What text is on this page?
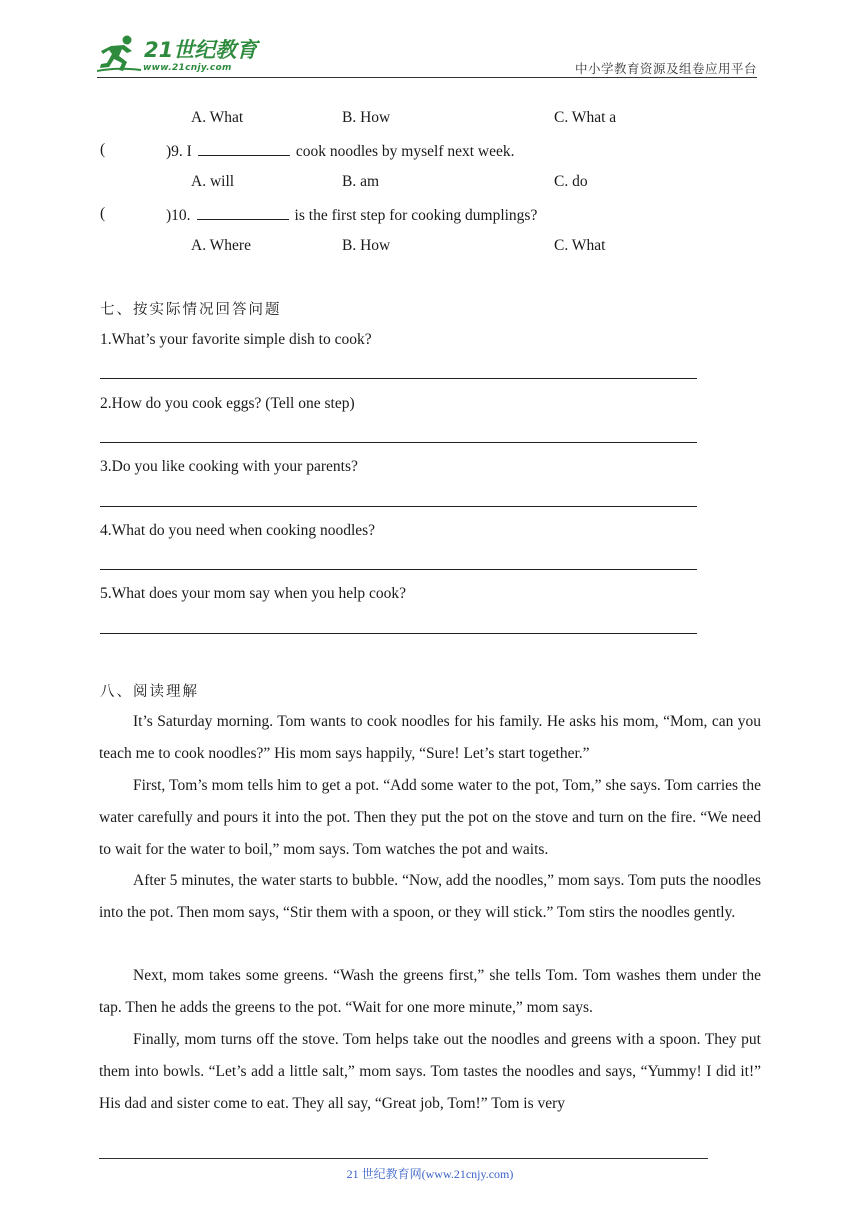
21世纪教育
www.21cnjy.com	中小学教育资源及组卷应用平台
A. What	B. How	C. What a
(	)9. I	cook noodles by myself next week.
A. will	B. am	C. do
(	)10.	is the first step for cooking dumplings?
A. Where	B. How	C. What
七、按实际情况回答问题
1.What’s your favorite simple dish to cook?
2.How do you cook eggs? (Tell one step)
3.Do you like cooking with your parents?
4.What do you need when cooking noodles?
5.What does your mom say when you help cook?
八、阅读理解
It’s Saturday morning. Tom wants to cook noodles for his family. He asks his mom, “Mom, can you teach me to cook noodles?” His mom says happily, “Sure! Let’s start together.”
First, Tom’s mom tells him to get a pot. “Add some water to the pot, Tom,” she says. Tom carries the water carefully and pours it into the pot. Then they put the pot on the stove and turn on the fire. “We need to wait for the water to boil,” mom says. Tom watches the pot and waits.
After 5 minutes, the water starts to bubble. “Now, add the noodles,” mom says. Tom puts the noodles into the pot. Then mom says, “Stir them with a spoon, or they will stick.” Tom stirs the noodles gently.
Next, mom takes some greens. “Wash the greens first,” she tells Tom. Tom washes them under the tap. Then he adds the greens to the pot. “Wait for one more minute,” mom says.
Finally, mom turns off the stove. Tom helps take out the noodles and greens with a spoon. They put them into bowls. “Let’s add a little salt,” mom says. Tom tastes the noodles and says, “Yummy! I did it!” His dad and sister come to eat. They all say, “Great job, Tom!” Tom is very
21 世纪教育网(www.21cnjy.com)
